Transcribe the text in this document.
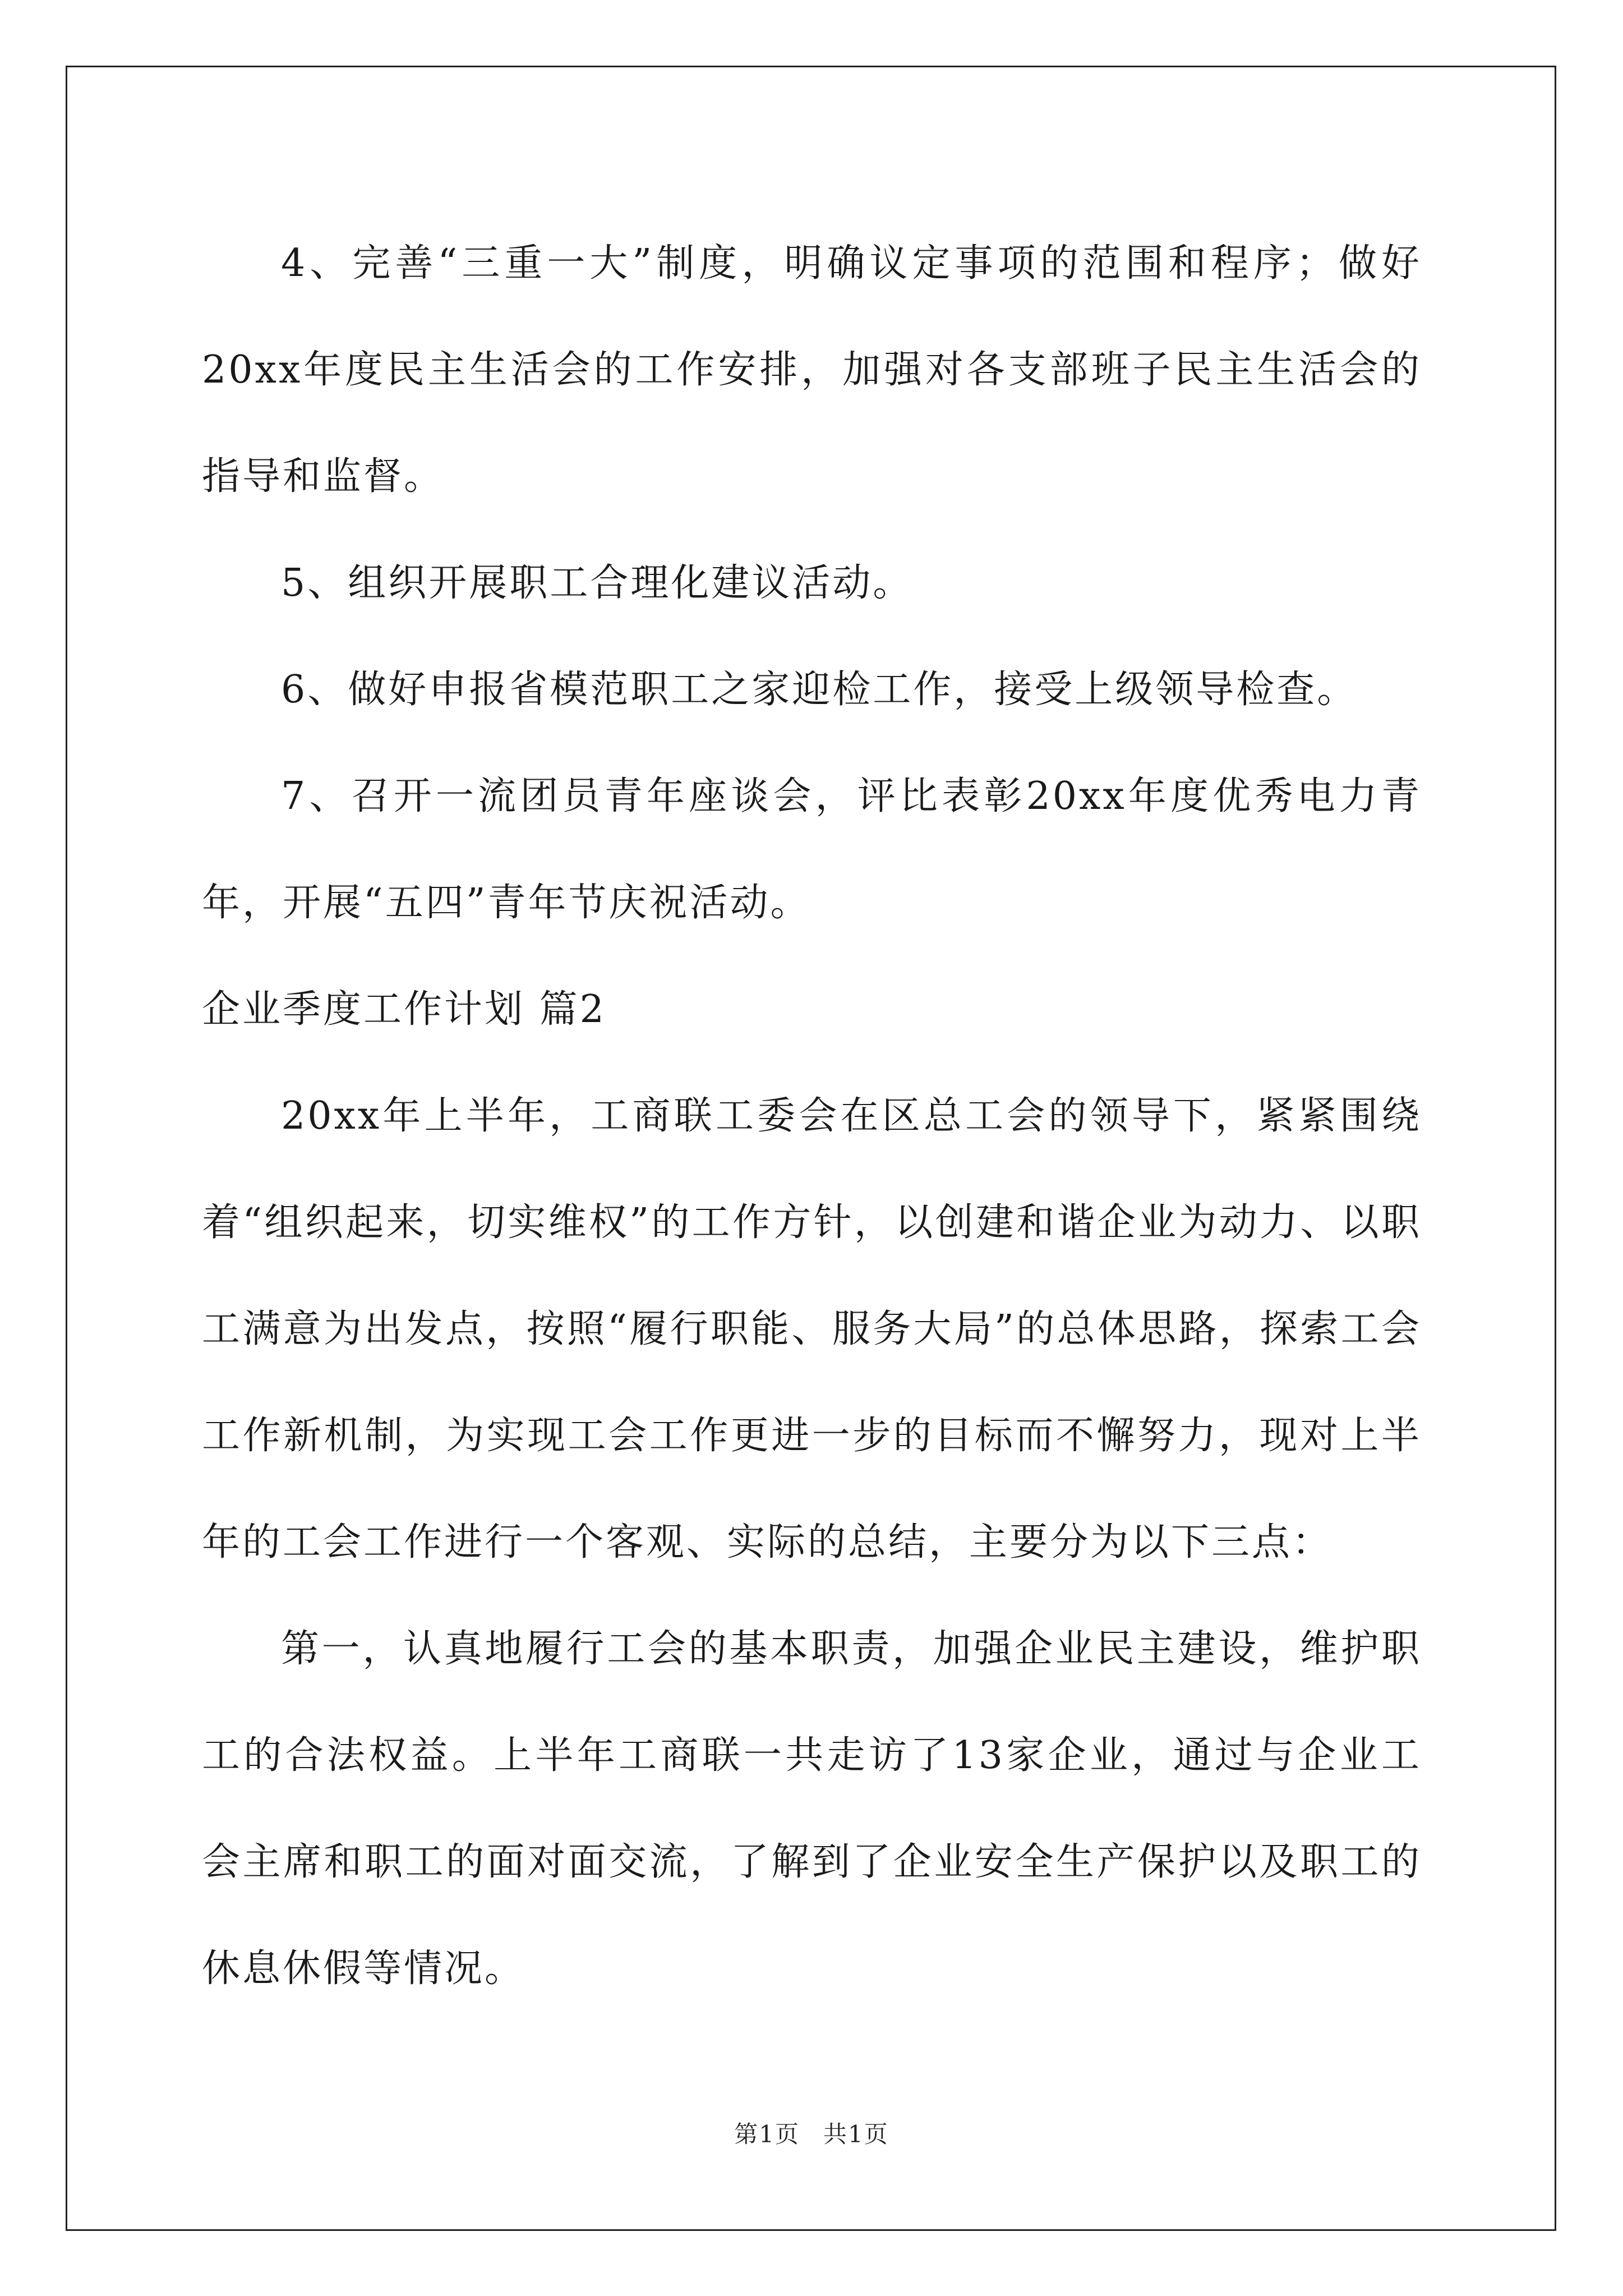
4、完善“三重一大”制度，明确议定事项的范围和程序；做好20xx年度民主生活会的工作安排，加强对各支部班子民主生活会的指导和监督。

5、组织开展职工合理化建议活动。

6、做好申报省模范职工之家迎检工作，接受上级领导检查。

7、召开一流团员青年座谈会，评比表彰20xx年度优秀电力青年，开展“五四”青年节庆祝活动。

企业季度工作计划 篇2

20xx年上半年，工商联工委会在区总工会的领导下，紧紧围绕着“组织起来，切实维权”的工作方针，以创建和谐企业为动力、以职工满意为出发点，按照“履行职能、服务大局”的总体思路，探索工会工作新机制，为实现工会工作更进一步的目标而不懈努力，现对上半年的工会工作进行一个客观、实际的总结，主要分为以下三点：

第一，认真地履行工会的基本职责，加强企业民主建设，维护职工的合法权益。上半年工商联一共走访了13家企业，通过与企业工会主席和职工的面对面交流，了解到了企业安全生产保护以及职工的休息休假等情况。

第1页 共1页
